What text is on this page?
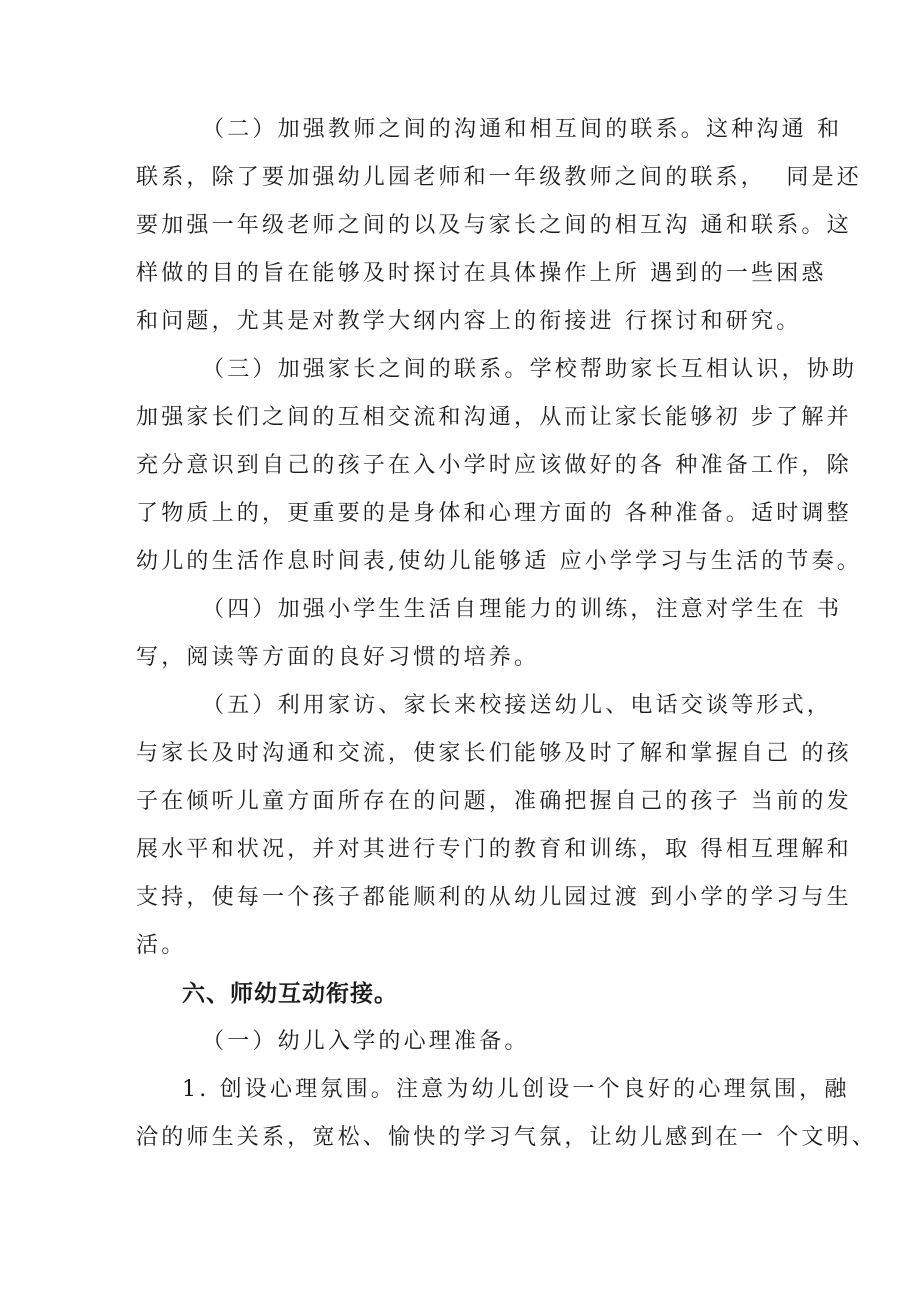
（二）加强教师之间的沟通和相互间的联系。这种沟通 和
联系，除了要加强幼儿园老师和一年级教师之间的联系，  同是还
要加强一年级老师之间的以及与家长之间的相互沟 通和联系。这
样做的目的旨在能够及时探讨在具体操作上所 遇到的一些困惑
和问题，尤其是对教学大纲内容上的衔接进 行探讨和研究。
（三）加强家长之间的联系。学校帮助家长互相认识，协助
加强家长们之间的互相交流和沟通，从而让家长能够初 步了解并
充分意识到自己的孩子在入小学时应该做好的各 种准备工作，除
了物质上的，更重要的是身体和心理方面的 各种准备。适时调整
幼儿的生活作息时间表,使幼儿能够适 应小学学习与生活的节奏。
（四）加强小学生生活自理能力的训练，注意对学生在 书
写，阅读等方面的良好习惯的培养。
（五）利用家访、家长来校接送幼儿、电话交谈等形式，
与家长及时沟通和交流，使家长们能够及时了解和掌握自己 的孩
子在倾听儿童方面所存在的问题，准确把握自己的孩子 当前的发
展水平和状况，并对其进行专门的教育和训练，取 得相互理解和
支持，使每一个孩子都能顺利的从幼儿园过渡 到小学的学习与生
活。
六、师幼互动衔接。
（一）幼儿入学的心理准备。
1. 创设心理氛围。注意为幼儿创设一个良好的心理氛围，融
洽的师生关系，宽松、愉快的学习气氛，让幼儿感到在一 个文明、
